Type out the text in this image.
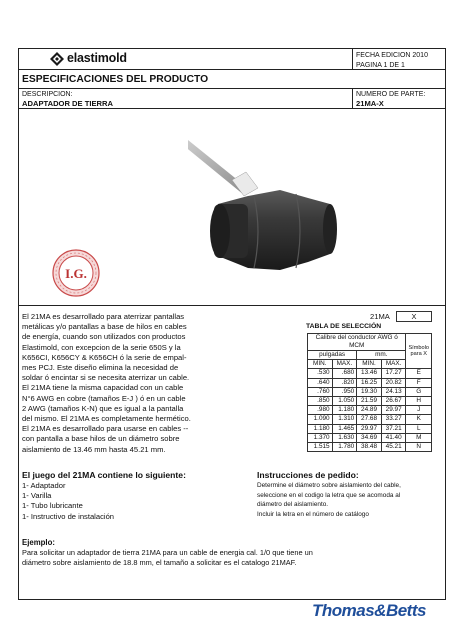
elastimold	FECHA EDICION 2010
PAGINA 1 DE 1
ESPECIFICACIONES DEL PRODUCTO
DESCRIPCION:
ADAPTADOR DE TIERRA
NUMERO DE PARTE:
21MA-X
I.G.
El 21MA es desarrollado para aterrizar pantallas
metálicas y/o pantallas a base de hilos en cables
de energía, cuando son utilizados con productos
Elastimold, con excepcion de la serie 650S y la
K656CI, K656CY & K656CH ó la serie de empal-
mes PCJ. Este diseño elimina la necesidad de
soldar ó encintar si se necesita aterrizar un cable.
El 21MA tiene la misma capacidad con un cable
N°6 AWG en cobre (tamaños E-J ) ó en un cable
2 AWG (tamaños K-N) que es igual a la pantalla
del mismo. El 21MA es completamente hermético.
El 21MA es desarrollado para usarse en cables --
con pantalla a base hilos de un diámetro sobre
aislamiento de 13.46 mm hasta 45.21 mm.
21MA	X
TABLA DE SELECCIÓN
Calibre del conductor AWG ó MCM				Símbolo
para X

pulgadas		mm.		
MIN.	MAX.	MIN.	MAX.	
.530	.680	13.46	17.27	E
.640	.820	16.25	20.82	F
.760	.950	19.30	24.13	G
.850	1.050	21.59	26.67	H
.980	1.180	24.89	29.97	J
1.090	1.310	27.68	33.27	K
1.180	1.465	29.97	37.21	L
1.370	1.630	34.69	41.40	M
1.515	1.780	38.48	45.21	N
El juego del 21MA contiene lo siguiente:
1- Adaptador
1- Varilla
1- Tubo lubricante
1- Instructivo de instalación
Instrucciones de pedido:
Determine el diámetro sobre aislamiento del cable,
seleccione en el codigo la letra que se acomoda al
diámetro del aislamiento.
Incluir la letra en el número de catálogo
Ejemplo:
Para solicitar un adaptador de tierra 21MA para un cable de energia cal. 1/0 que tiene un
diámetro sobre aislamiento de 18.8 mm, el tamaño a solicitar es el catalogo 21MAF.
Thomas&Betts
